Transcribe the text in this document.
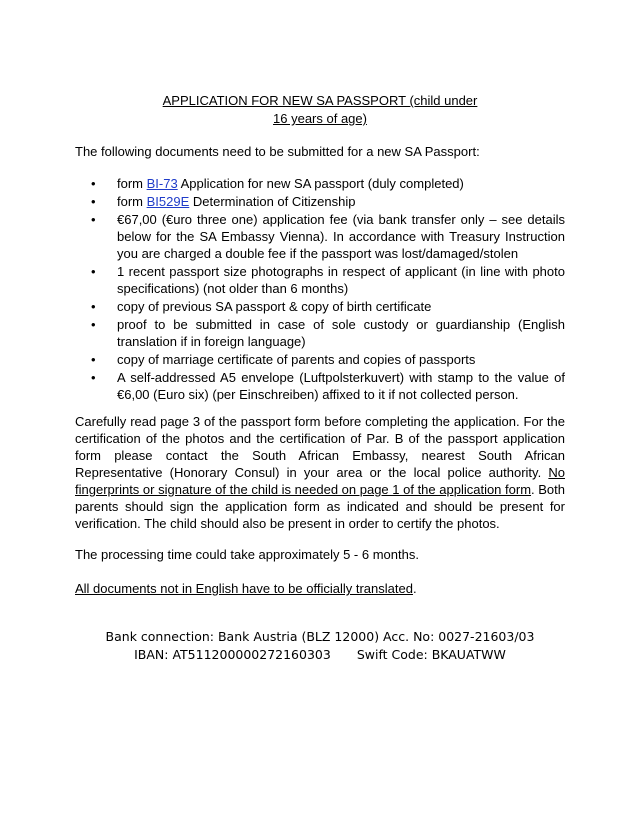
APPLICATION FOR NEW SA PASSPORT (child under
16 years of age)
The following documents need to be submitted for a new SA Passport:
• form BI-73 Application for new SA passport (duly completed)
• form BI529E Determination of Citizenship
• €67,00 (€uro three one) application fee (via bank transfer only – see details below for the SA Embassy Vienna). In accordance with Treasury Instruction you are charged a double fee if the passport was lost/damaged/stolen
• 1 recent passport size photographs in respect of applicant (in line with photo specifications) (not older than 6 months)
• copy of previous SA passport & copy of birth certificate
• proof to be submitted in case of sole custody or guardianship (English translation if in foreign language)
• copy of marriage certificate of parents and copies of passports
• A self-addressed A5 envelope (Luftpolsterkuvert) with stamp to the value of €6,00 (Euro six) (per Einschreiben) affixed to it if not collected person.
Carefully read page 3 of the passport form before completing the application. For the certification of the photos and the certification of Par. B of the passport application form please contact the South African Embassy, nearest South African Representative (Honorary Consul) in your area or the local police authority. No fingerprints or signature of the child is needed on page 1 of the application form. Both parents should sign the application form as indicated and should be present for verification. The child should also be present in order to certify the photos.
The processing time could take approximately 5 - 6 months.
All documents not in English have to be officially translated.
Bank connection: Bank Austria (BLZ 12000) Acc. No: 0027-21603/03
IBAN: AT511200000272160303 Swift Code: BKAUATWW
